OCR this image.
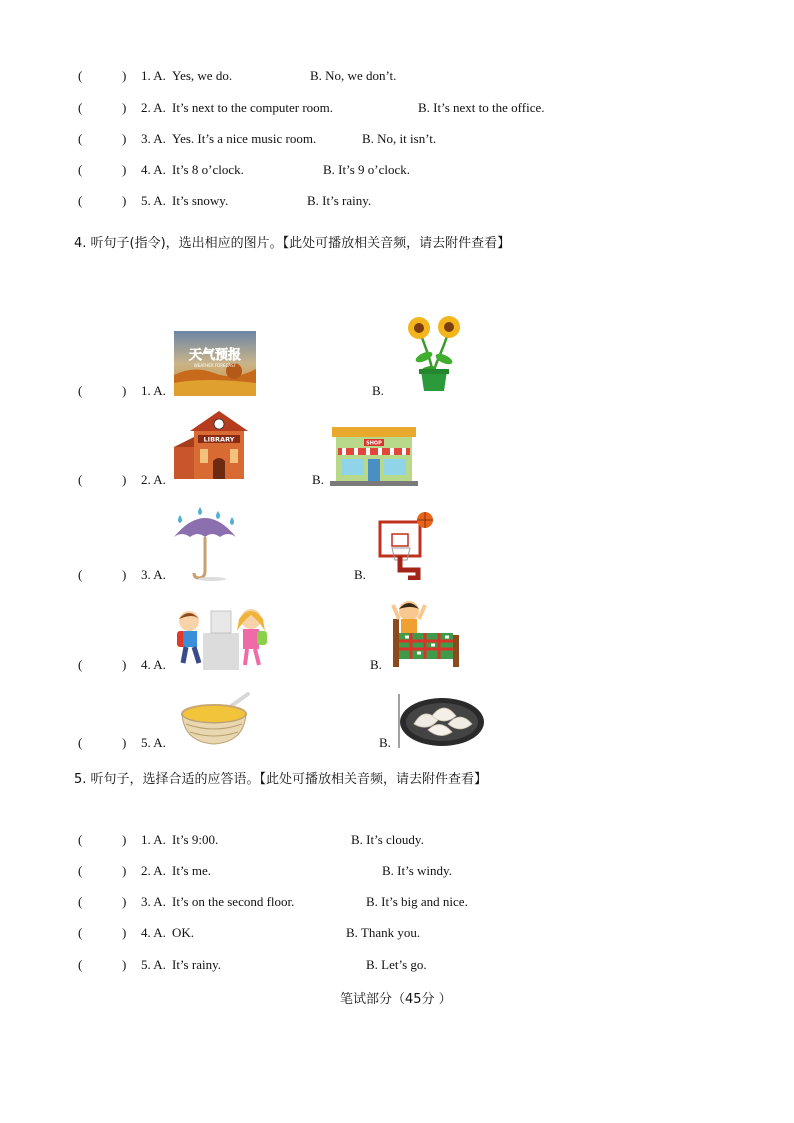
(	) 1. A. Yes, we do.	B. No, we don’t.
(	) 2. A. It’s next to the computer room.	B. It’s next to the office.
(	) 3. A. Yes. It’s a nice music room.	B. No, it isn’t.
(	) 4. A. It’s 8 o’clock.	B. It’s 9 o’clock.
(	) 5. A. It’s snowy.	B. It’s rainy.
4. 听句子(指令)，选出相应的图片。【此处可播放相关音频，请去附件查看】
(	) 1. A.	B.
天气预报
WEATHER FORECAST
(	) 2. A.	B.
LIBRARY	SHOP
(	) 3. A.	B.
(	) 4. A.	B.
(	) 5. A.	B.
5. 听句子，选择合适的应答语。【此处可播放相关音频，请去附件查看】
(	) 1. A. It’s 9:00.	B. It’s cloudy.
(	) 2. A. It’s me.	B. It’s windy.
(	) 3. A. It’s on the second floor.	B. It’s big and nice.
(	) 4. A. OK.	B. Thank you.
(	) 5. A. It’s rainy.	B. Let’s go.
笔试部分（45分 ）
